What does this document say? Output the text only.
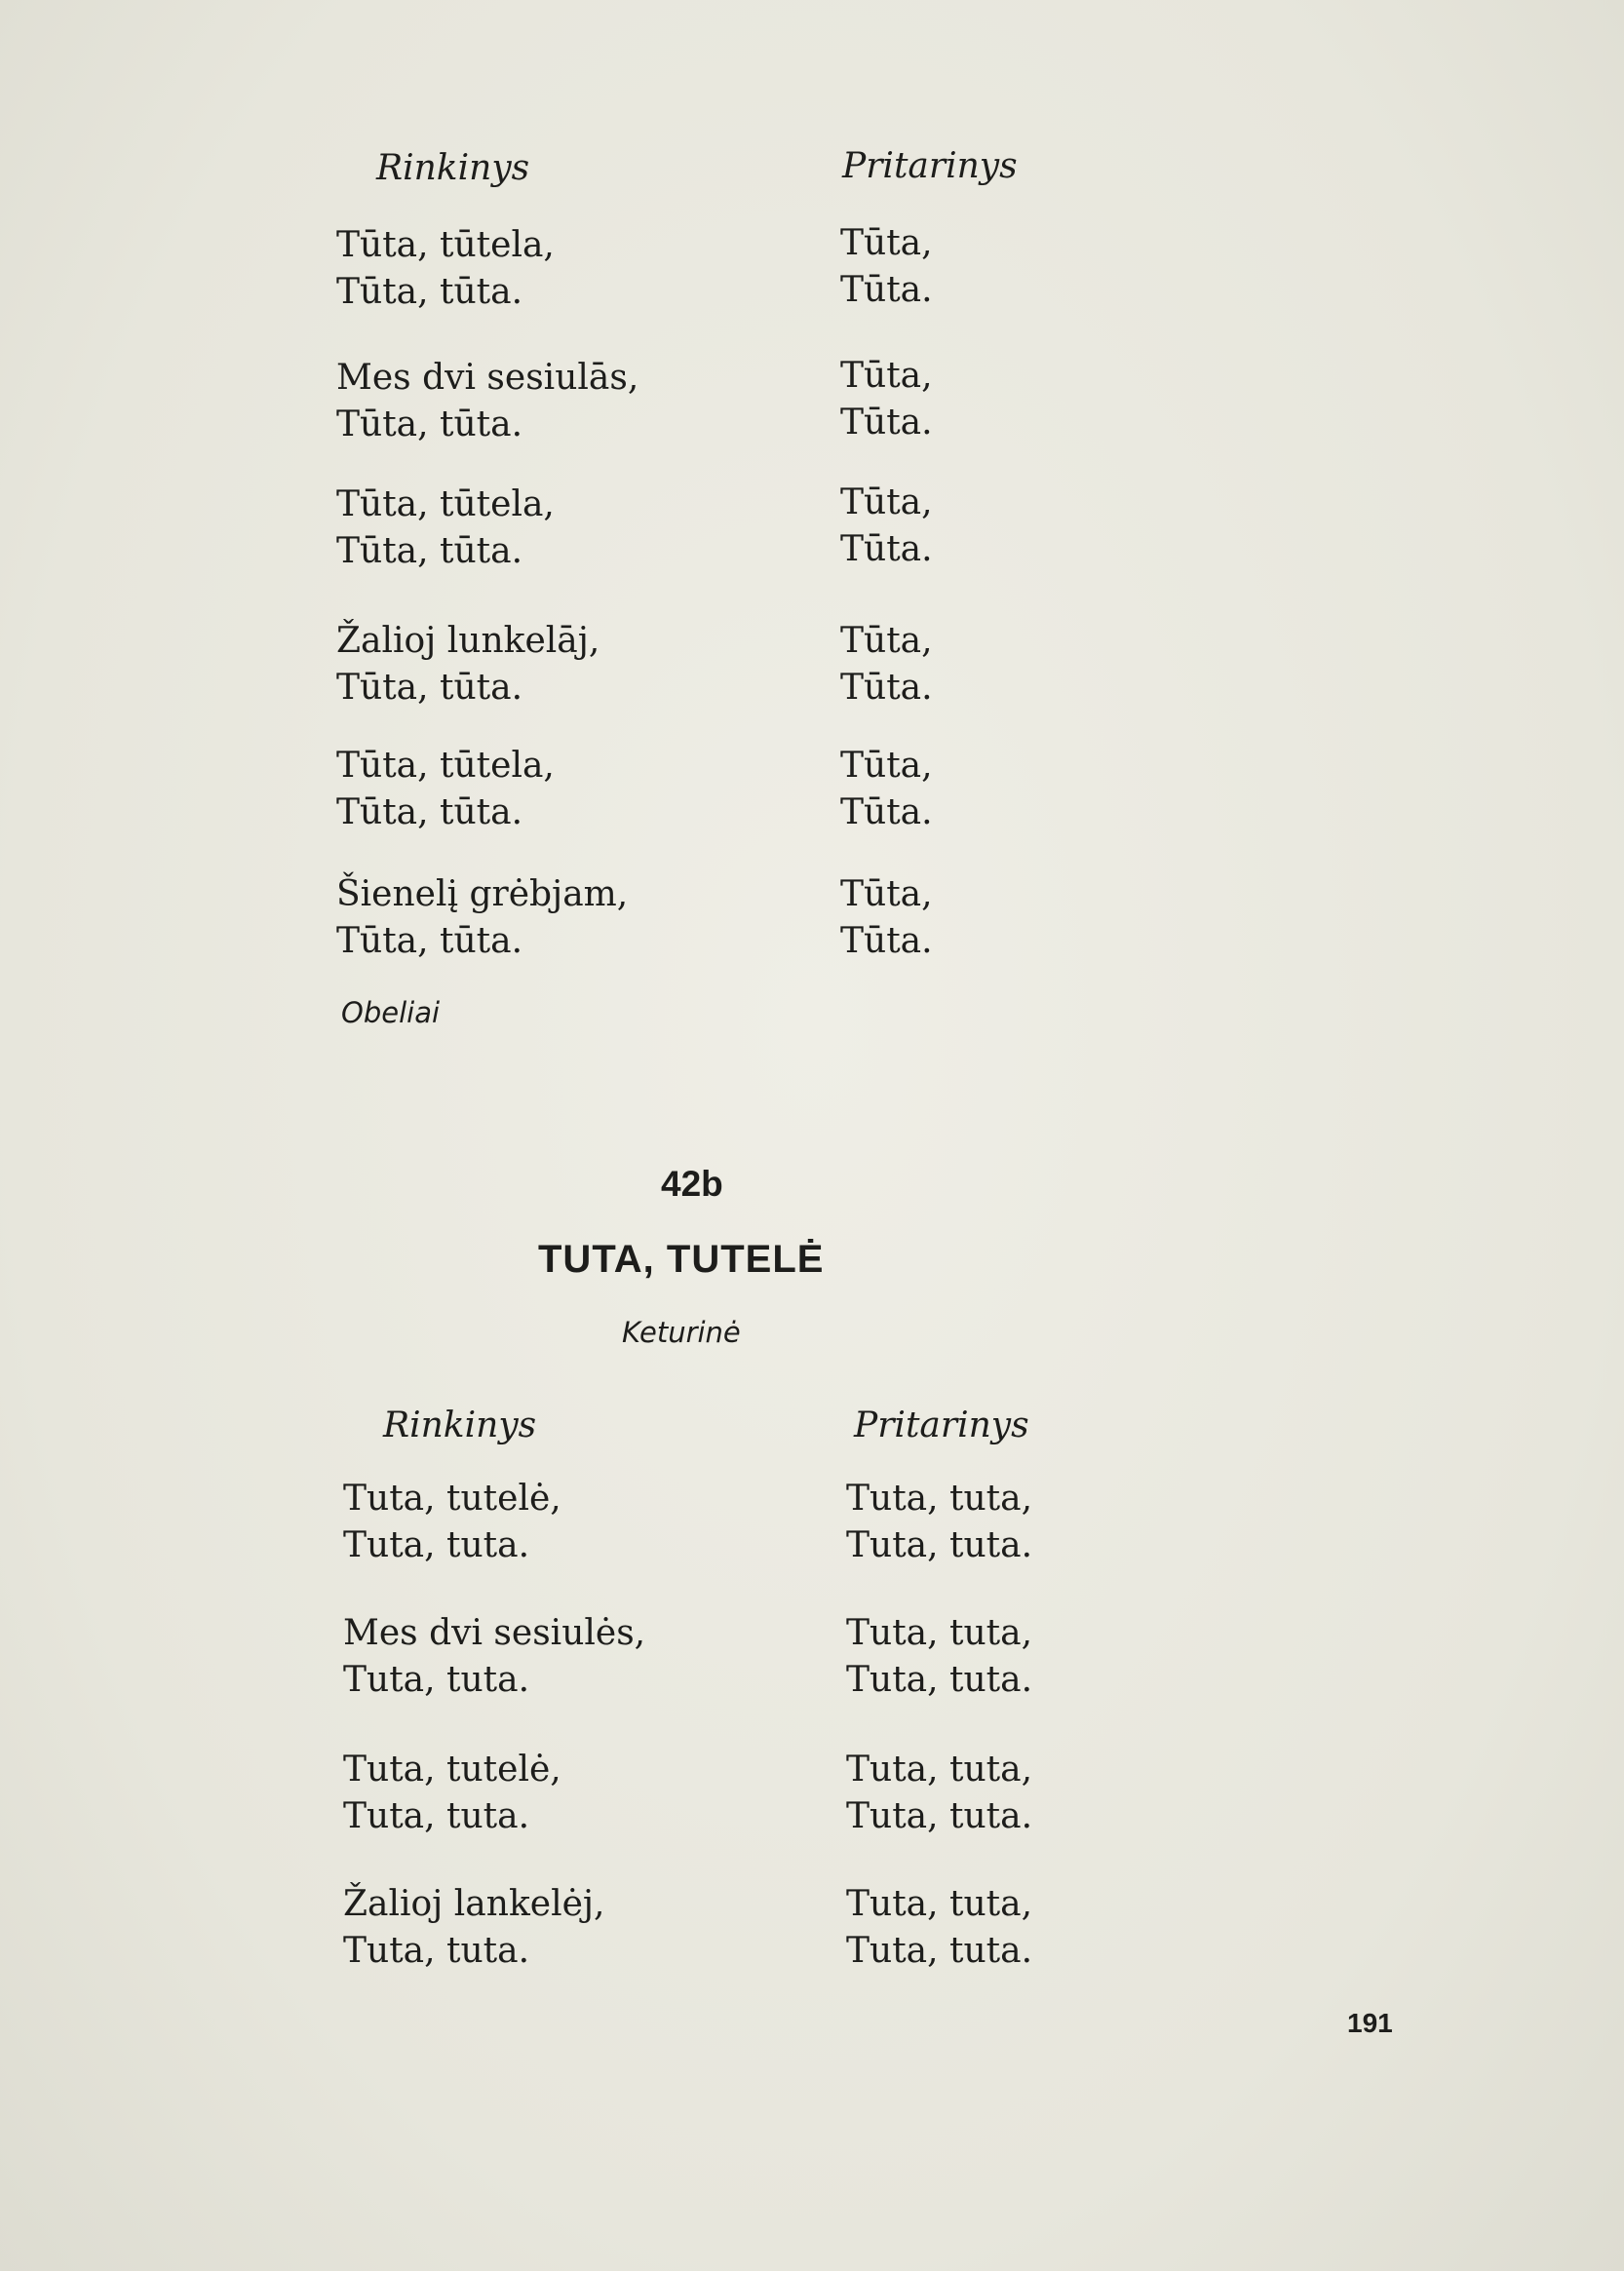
Rinkinys	Pritarinys
Tūta, tūtela,
Tūta, tūta.
Mes dvi sesiulās,
Tūta, tūta.
Tūta, tūtela,
Tūta, tūta.
Žalioj lunkelāj,
Tūta, tūta.
Tūta, tūtela,
Tūta, tūta.
Šienelį grėbjam,
Tūta, tūta.
Tūta,
Tūta.
Tūta,
Tūta.
Tūta,
Tūta.
Tūta,
Tūta.
Tūta,
Tūta.
Tūta,
Tūta.
Obeliai
42b
TUTA, TUTELĖ
Keturinė
Rinkinys	Pritarinys
Tuta, tutelė,
Tuta, tuta.
Mes dvi sesiulės,
Tuta, tuta.
Tuta, tutelė,
Tuta, tuta.
Žalioj lankelėj,
Tuta, tuta.
Tuta, tuta,
Tuta, tuta.
Tuta, tuta,
Tuta, tuta.
Tuta, tuta,
Tuta, tuta.
Tuta, tuta,
Tuta, tuta.
191
